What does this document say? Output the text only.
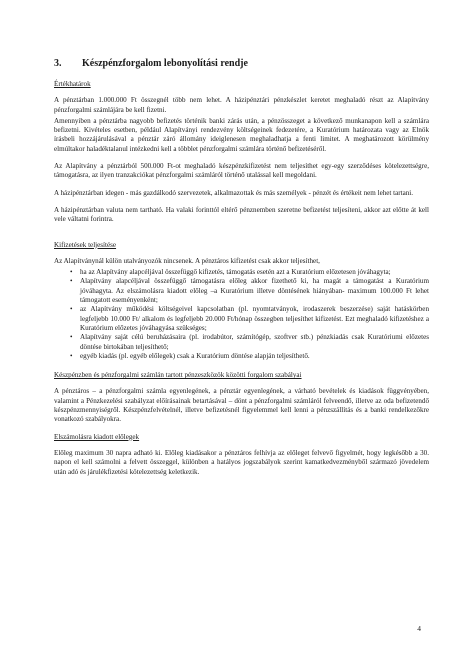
3.	Készpénzforgalom lebonyolítási rendje
Értékhatárok

A pénztárban 1.000.000 Ft összegnél több nem lehet. A házipénztári pénzkészlet keretet meghaladó részt az Alapítvány pénzforgalmi számlájára be kell fizetni.

Amennyiben a pénztárba nagyobb befizetés történik banki zárás után, a pénzösszeget a következő munkanapon kell a számlára befizetni. Kivételes esetben, például Alapítványi rendezvény költségeinek fedezetére, a Kuratórium határozata vagy az Elnök írásbeli hozzájárulásával a pénztár záró állomány ideiglenesen meghaladhatja a fenti limitet. A meghatározott körülmény elmúltakor haladéktalanul intézkedni kell a többlet pénzforgalmi számlára történő befizetéséről.

Az Alapítvány a pénztárból 500.000 Ft-ot meghaladó készpénzkifizetést nem teljesíthet egy-egy szerződéses kötelezettségre, támogatásra, az ilyen tranzakciókat pénzforgalmi számláról történő utalással kell megoldani.

A házipénztárban idegen - más gazdálkodó szervezetek, alkalmazottak és más személyek - pénzét és értékeit nem lehet tartani.

A házipénztárban valuta nem tartható. Ha valaki forinttól eltérő pénznemben szeretne befizetést teljesíteni, akkor azt előtte át kell vele váltatni forintra.

Kifizetések teljesítése

Az Alapítványnál külön utalványozók nincsenek. A pénztáros kifizetést csak akkor teljesíthet,

• ha az Alapítvány alapcéljával összefüggő kifizetés, támogatás esetén azt a Kuratórium előzetesen jóváhagyta;
• Alapítvány alapcéljával összefüggő támogatásra előleg akkor fizethető ki, ha magát a támogatást a Kuratórium jóváhagyta. Az elszámolásra kiadott előleg –a Kuratórium illetve döntésének hiányában- maximum 100.000 Ft lehet támogatott eseményenként;
• az Alapítvány működési költségeivel kapcsolatban (pl. nyomtatványok, irodaszerek beszerzése) saját hatáskörben legfeljebb 10.000 Ft/ alkalom és legfeljebb 20.000 Ft/hónap összegben teljesíthet kifizetést. Ezt meghaladó kifizetéshez a Kuratórium előzetes jóváhagyása szükséges;
• Alapítvány saját célú beruházásaira (pl. irodabútor, számítógép, szoftver stb.) pénzkiadás csak Kuratóriumi előzetes döntése birtokában teljesíthető;
• egyéb kiadás (pl. egyéb előlegek) csak a Kuratórium döntése alapján teljesíthető.
Készpénzben és pénzforgalmi számlán tartott pénzeszközök közötti forgalom szabályai

A pénztáros – a pénzforgalmi számla egyenlegének, a pénztár egyenlegének, a várható bevételek és kiadások függvényében, valamint a Pénzkezelési szabályzat előírásainak betartásával – dönt a pénzforgalmi számláról felveendő, illetve az oda befizetendő készpénzmennyiségről. Készpénzfelvételnél, illetve befizetésnél figyelemmel kell lenni a pénzszállítás és a banki rendelkezőkre vonatkozó szabályokra.

Elszámolásra kiadott előlegek

Előleg maximum 30 napra adható ki. Előleg kiadásakor a pénztáros felhívja az előleget felvevő figyelmét, hogy legkésőbb a 30. napon el kell számolni a felvett összeggel, különben a hatályos jogszabályok szerint kamatkedvezményből származó jövedelem után adó és járulékfizetési kötelezettség keletkezik.

4
